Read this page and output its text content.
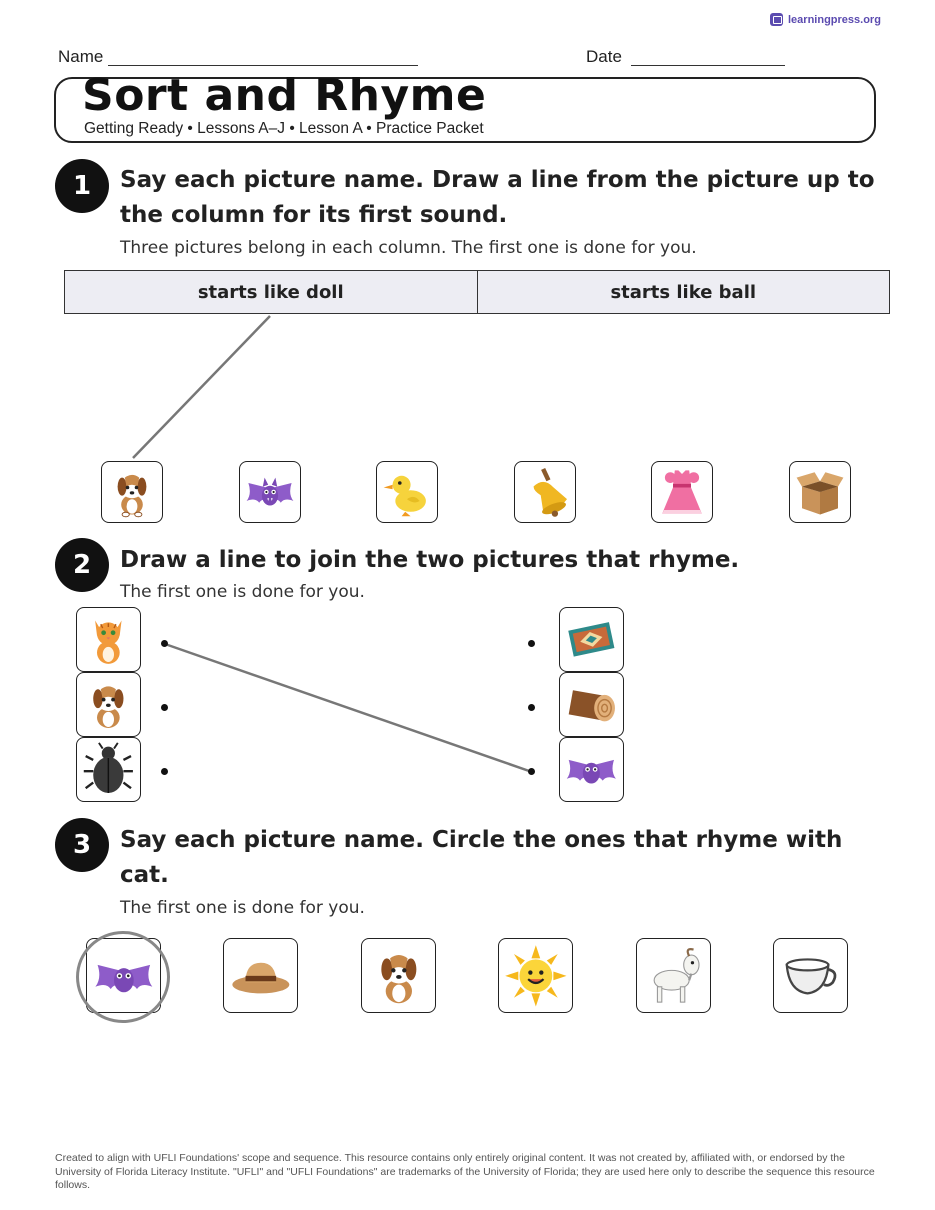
learningpress.org
Name	Date
Sort and Rhyme
Getting Ready • Lessons A–J • Lesson A • Practice Packet
1	Say each picture name. Draw a line from the picture up to
the column for its first sound.
Three pictures belong in each column. The first one is done for you.
starts like doll	starts like ball
2	Draw a line to join the two pictures that rhyme.
The first one is done for you.
3	Say each picture name. Circle the ones that rhyme with
cat.
The first one is done for you.
Created to align with UFLI Foundations' scope and sequence. This resource contains only entirely original content. It was not created by, affiliated with, or endorsed by the University of Florida Literacy Institute. "UFLI" and "UFLI Foundations" are trademarks of the University of Florida; they are used here only to describe the sequence this resource follows.
